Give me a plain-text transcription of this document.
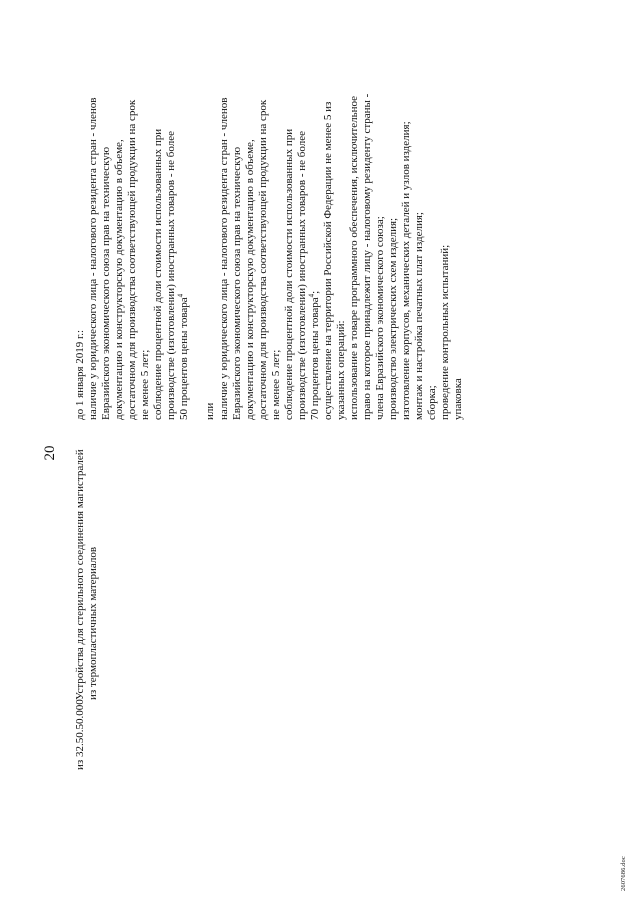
20
из 32.50.50.000
Устройства для стерильного соединения магистралей из термопластичных материалов
до 1 января 2019 г.: наличие у юридического лица - налогового резидента стран - членов Евразийского экономического союза прав на техническую документацию и конструкторскую документацию в объеме, достаточном для производства соответствующей продукции на срок не менее 5 лет; соблюдение процентной доли стоимости использованных при производстве (изготовлении) иностранных товаров - не более 50 процентов цены товара$^4$
или наличие у юридического лица - налогового резидента стран - членов Евразийского экономического союза прав на техническую документацию и конструкторскую документацию в объеме, достаточном для производства соответствующей продукции на срок не менее 5 лет; соблюдение процентной доли стоимости использованных при производстве (изготовлении) иностранных товаров - не более 70 процентов цены товара$^4$; осуществление на территории Российской Федерации не менее 5 из указанных операций: использование в товаре программного обеспечения, исключительное право на которое принадлежит лицу - налоговому резиденту страны - члена Евразийского экономического союза; производство электрических схем изделия; изготовление корпусов, механических деталей и узлов изделия; монтаж и настройка печатных плат изделия; сборка; проведение контрольных испытаний; упаковка
2607686.doc
